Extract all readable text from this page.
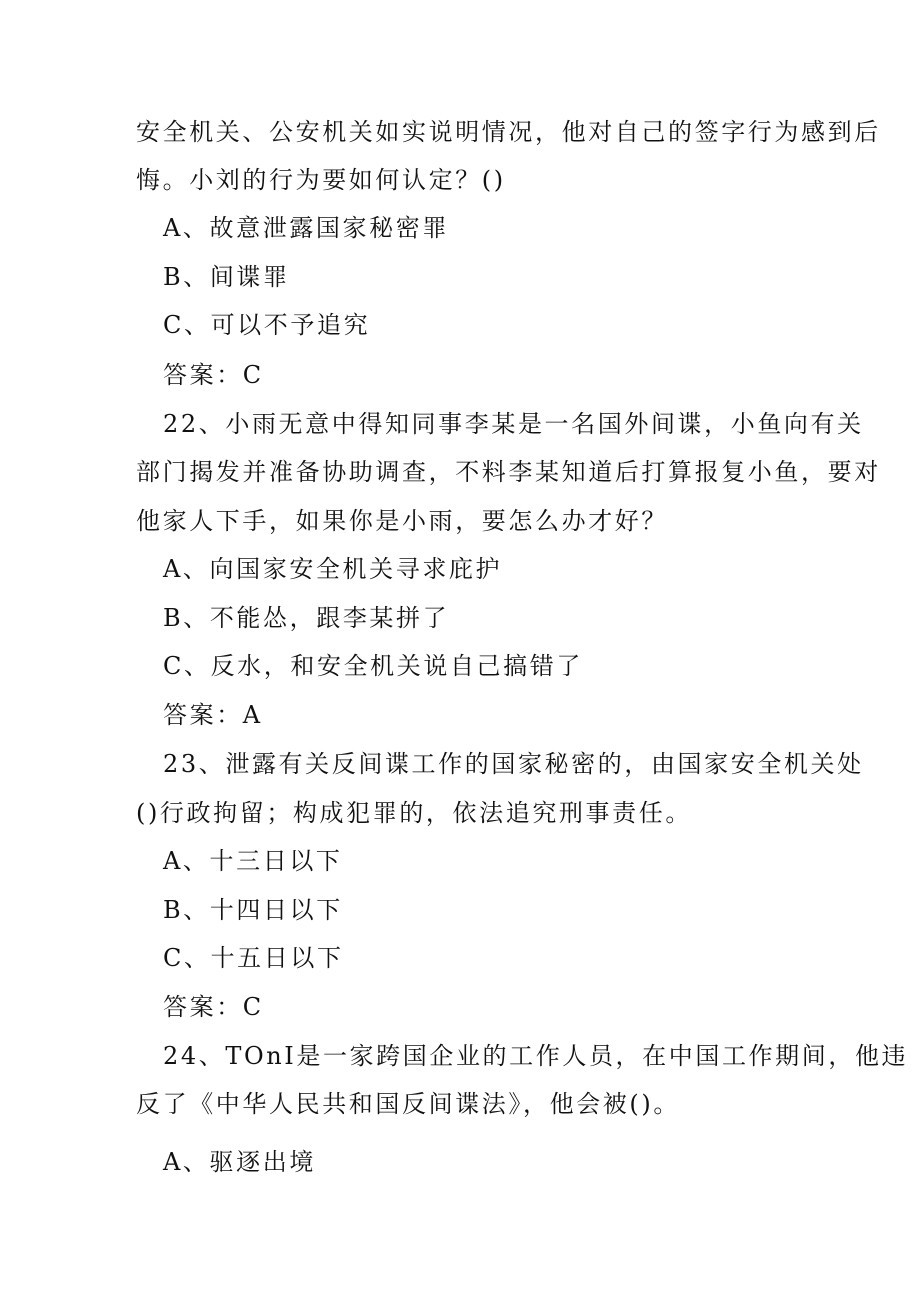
安全机关、公安机关如实说明情况，他对自己的签字行为感到后
悔。小刘的行为要如何认定？()
A、故意泄露国家秘密罪
B、间谍罪
C、可以不予追究
答案：C
22、小雨无意中得知同事李某是一名国外间谍，小鱼向有关
部门揭发并准备协助调查，不料李某知道后打算报复小鱼，要对
他家人下手，如果你是小雨，要怎么办才好？
A、向国家安全机关寻求庇护
B、不能怂，跟李某拼了
C、反水，和安全机关说自己搞错了
答案：A
23、泄露有关反间谍工作的国家秘密的，由国家安全机关处
()行政拘留；构成犯罪的，依法追究刑事责任。
A、十三日以下
B、十四日以下
C、十五日以下
答案：C
24、TOnI是一家跨国企业的工作人员，在中国工作期间，他违
反了《中华人民共和国反间谍法》，他会被()。
A、驱逐出境
